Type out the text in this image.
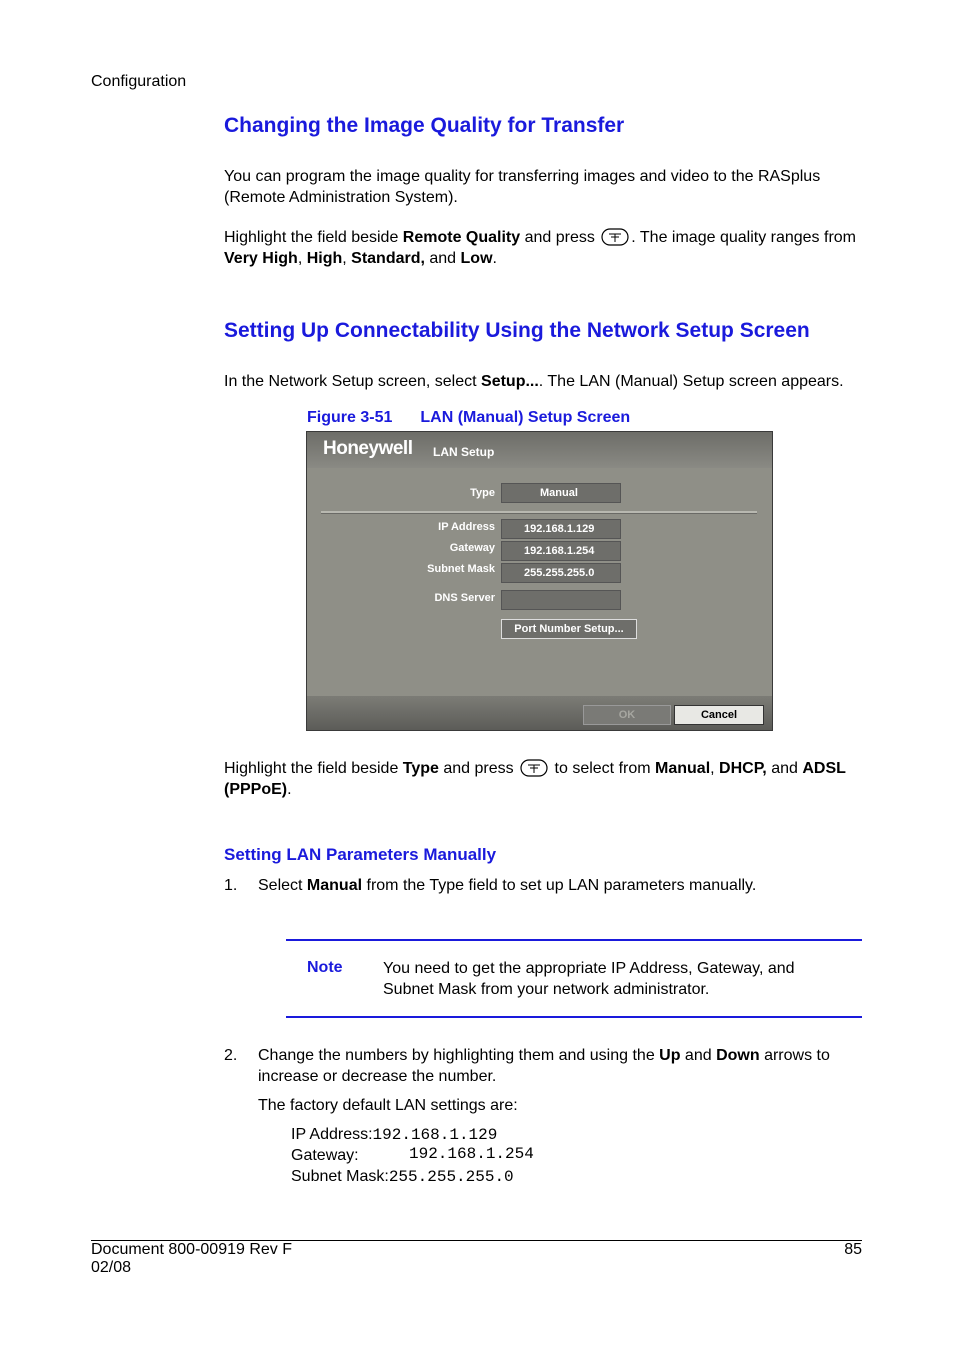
Configuration
Changing the Image Quality for Transfer
You can program the image quality for transferring images and video to the RASplus (Remote Administration System).
Highlight the field beside Remote Quality and press . The image quality ranges from Very High, High, Standard, and Low.
Setting Up Connectability Using the Network Setup Screen
In the Network Setup screen, select Setup.... The LAN (Manual) Setup screen appears.
Figure 3-51 LAN (Manual) Setup Screen
Honeywell LAN Setup
Type	Manual
IP Address	192.168.1.129
Gateway	192.168.1.254
Subnet Mask	255.255.255.0
DNS Server
Port Number Setup...
OK	Cancel
Highlight the field beside Type and press  to select from Manual, DHCP, and ADSL (PPPoE).
Setting LAN Parameters Manually
1. Select Manual from the Type field to set up LAN parameters manually.
Note	You need to get the appropriate IP Address, Gateway, and Subnet Mask from your network administrator.
2. Change the numbers by highlighting them and using the Up and Down arrows to increase or decrease the number.
The factory default LAN settings are:
IP Address:192.168.1.129
Gateway:	192.168.1.254
Subnet Mask:255.255.255.0
Document 800-00919 Rev F
02/08
85
